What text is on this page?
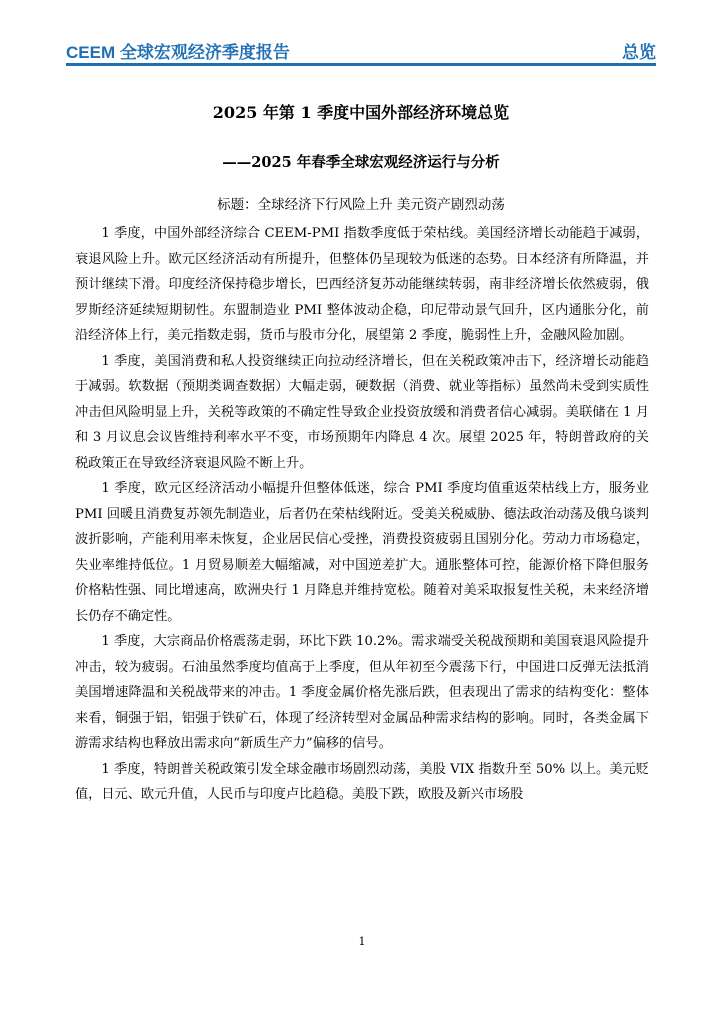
CEEM 全球宏观经济季度报告	总览
2025 年第 1 季度中国外部经济环境总览
——2025 年春季全球宏观经济运行与分析
标题：全球经济下行风险上升 美元资产剧烈动荡

1 季度，中国外部经济综合 CEEM-PMI 指数季度低于荣枯线。美国经济增长动能趋于减弱，衰退风险上升。欧元区经济活动有所提升，但整体仍呈现较为低迷的态势。日本经济有所降温，并预计继续下滑。印度经济保持稳步增长，巴西经济复苏动能继续转弱，南非经济增长依然疲弱，俄罗斯经济延续短期韧性。东盟制造业 PMI 整体波动企稳，印尼带动景气回升，区内通胀分化，前沿经济体上行，美元指数走弱，货币与股市分化，展望第 2 季度，脆弱性上升，金融风险加剧。

1 季度，美国消费和私人投资继续正向拉动经济增长，但在关税政策冲击下，经济增长动能趋于减弱。软数据（预期类调查数据）大幅走弱，硬数据（消费、就业等指标）虽然尚未受到实质性冲击但风险明显上升，关税等政策的不确定性导致企业投资放缓和消费者信心减弱。美联储在 1 月和 3 月议息会议皆维持利率水平不变，市场预期年内降息 4 次。展望 2025 年，特朗普政府的关税政策正在导致经济衰退风险不断上升。

1 季度，欧元区经济活动小幅提升但整体低迷，综合 PMI 季度均值重返荣枯线上方，服务业 PMI 回暖且消费复苏领先制造业，后者仍在荣枯线附近。受美关税威胁、德法政治动荡及俄乌谈判波折影响，产能利用率未恢复，企业居民信心受挫，消费投资疲弱且国别分化。劳动力市场稳定，失业率维持低位。1 月贸易顺差大幅缩减，对中国逆差扩大。通胀整体可控，能源价格下降但服务价格粘性强、同比增速高，欧洲央行 1 月降息并维持宽松。随着对美采取报复性关税，未来经济增长仍存不确定性。

1 季度，大宗商品价格震荡走弱，环比下跌 10.2%。需求端受关税战预期和美国衰退风险提升冲击，较为疲弱。石油虽然季度均值高于上季度，但从年初至今震荡下行，中国进口反弹无法抵消美国增速降温和关税战带来的冲击。1 季度金属价格先涨后跌，但表现出了需求的结构变化：整体来看，铜强于铝，铝强于铁矿石，体现了经济转型对金属品种需求结构的影响。同时，各类金属下游需求结构也释放出需求向“新质生产力”偏移的信号。

1 季度，特朗普关税政策引发全球金融市场剧烈动荡，美股 VIX 指数升至 50% 以上。美元贬值，日元、欧元升值，人民币与印度卢比趋稳。美股下跌，欧股及新兴市场股

1
